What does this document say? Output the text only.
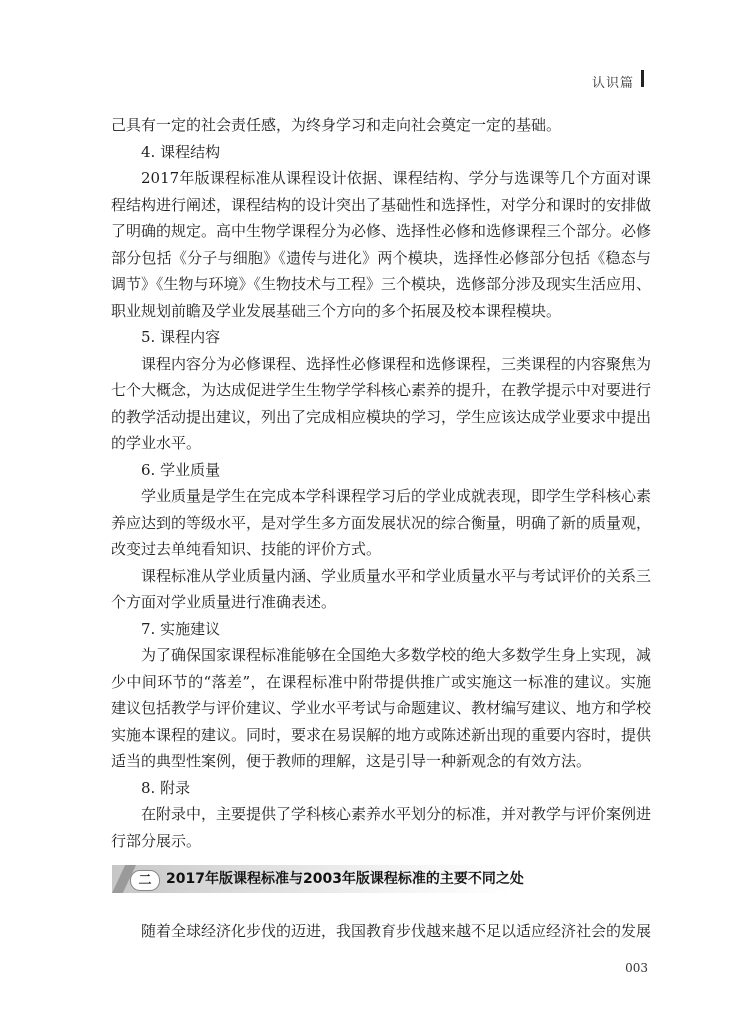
认识篇

己具有一定的社会责任感，为终身学习和走向社会奠定一定的基础。

4. 课程结构

2017年版课程标准从课程设计依据、课程结构、学分与选课等几个方面对课程结构进行阐述，课程结构的设计突出了基础性和选择性，对学分和课时的安排做了明确的规定。高中生物学课程分为必修、选择性必修和选修课程三个部分。必修部分包括《分子与细胞》《遗传与进化》两个模块，选择性必修部分包括《稳态与调节》《生物与环境》《生物技术与工程》三个模块，选修部分涉及现实生活应用、职业规划前瞻及学业发展基础三个方向的多个拓展及校本课程模块。

5. 课程内容

课程内容分为必修课程、选择性必修课程和选修课程，三类课程的内容聚焦为七个大概念，为达成促进学生生物学学科核心素养的提升，在教学提示中对要进行的教学活动提出建议，列出了完成相应模块的学习，学生应该达成学业要求中提出的学业水平。

6. 学业质量

学业质量是学生在完成本学科课程学习后的学业成就表现，即学生学科核心素养应达到的等级水平，是对学生多方面发展状况的综合衡量，明确了新的质量观，改变过去单纯看知识、技能的评价方式。

课程标准从学业质量内涵、学业质量水平和学业质量水平与考试评价的关系三个方面对学业质量进行准确表述。

7. 实施建议

为了确保国家课程标准能够在全国绝大多数学校的绝大多数学生身上实现，减少中间环节的“落差”，在课程标准中附带提供推广或实施这一标准的建议。实施建议包括教学与评价建议、学业水平考试与命题建议、教材编写建议、地方和学校实施本课程的建议。同时，要求在易误解的地方或陈述新出现的重要内容时，提供适当的典型性案例，便于教师的理解，这是引导一种新观念的有效方法。

8. 附录

在附录中，主要提供了学科核心素养水平划分的标准，并对教学与评价案例进行部分展示。

二	2017年版课程标准与2003年版课程标准的主要不同之处

随着全球经济化步伐的迈进，我国教育步伐越来越不足以适应经济社会的发展

003
